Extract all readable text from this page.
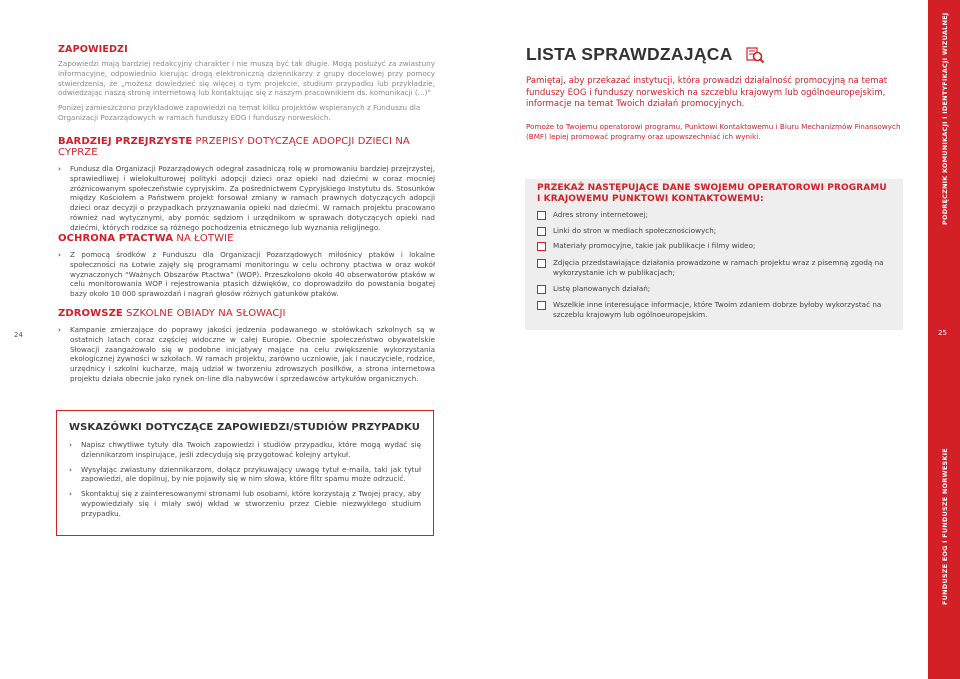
24
ZAPOWIEDZI
Zapowiedzi mają bardziej redakcyjny charakter i nie muszą być tak długie. Mogą posłużyć za zwiastuny informacyjne, odpowiednio kierując drogą elektroniczną dziennikarzy z grupy docelowej przy pomocy stwierdzenia, że „możesz dowiedzieć się więcej o tym projekcie, studium przypadku lub przykładzie, odwiedzając naszą stronę internetową lub kontaktując się z naszym pracownikiem ds. komunikacji (...)”
Poniżej zamieszczono przykładowe zapowiedzi na temat kilku projektów wspieranych z Funduszu dla Organizacji Pozarządowych w ramach funduszy EOG i funduszy norweskich.
BARDZIEJ PRZEJRZYSTE PRZEPISY DOTYCZĄCE ADOPCJI DZIECI NA CYPRZE
› Fundusz dla Organizacji Pozarządowych odegrał zasadniczą rolę w promowaniu bardziej przejrzystej, sprawiedliwej i wielokulturowej polityki adopcji dzieci oraz opieki nad dziećmi w coraz mocniej zróżnicowanym społeczeństwie cypryjskim. Za pośrednictwem Cypryjskiego Instytutu ds. Stosunków między Kościołem a Państwem projekt forsował zmiany w ramach prawnych dotyczących adopcji dzieci oraz decyzji o przypadkach przyznawania opieki nad dziećmi. W ramach projektu pracowano również nad wytycznymi, aby pomóc sędziom i urzędnikom w sprawach dotyczących opieki nad dziećmi, których rodzice są różnego pochodzenia etnicznego lub wyznania religijnego.
OCHRONA PTACTWA NA ŁOTWIE
› Z pomocą środków z Funduszu dla Organizacji Pozarządowych miłośnicy ptaków i lokalne społeczności na Łotwie zajęły się programami monitoringu w celu ochrony ptactwa w oraz wokół wyznaczonych “Ważnych Obszarów Ptactwa” (WOP). Przeszkolono około 40 obserwatorów ptaków w celu monitorowania WOP i rejestrowania ptasich dźwięków, co doprowadziło do powstania bogatej bazy około 10 000 sprawozdań i nagrań głosów różnych gatunków ptaków.
ZDROWSZE SZKOLNE OBIADY NA SŁOWACJI
› Kampanie zmierzające do poprawy jakości jedzenia podawanego w stołówkach szkolnych są w ostatnich latach coraz częściej widoczne w całej Europie. Obecnie społeczeństwo obywatelskie Słowacji zaangażowało się w podobne inicjatywy mające na celu zwiększenie wykorzystania ekologicznej żywności w szkołach. W ramach projektu, zarówno uczniowie, jak i nauczyciele, rodzice, urzędnicy i szkolni kucharze, mają udział w tworzeniu zdrowszych posiłków, a strona internetowa projektu działa obecnie jako rynek on-line dla nabywców i sprzedawców artykułów organicznych.
WSKAZÓWKI DOTYCZĄCE ZAPOWIEDZI/STUDIÓW PRZYPADKU
› Napisz chwytliwe tytuły dla Twoich zapowiedzi i studiów przypadku, które mogą wydać się dziennikarzom inspirujące, jeśli zdecydują się przygotować kolejny artykuł.
› Wysyłając zwiastuny dziennikarzom, dołącz przykuwający uwagę tytuł e-maila, taki jak tytuł zapowiedzi, ale dopilnuj, by nie pojawiły się w nim słowa, które filtr spamu może odrzucić.
› Skontaktuj się z zainteresowanymi stronami lub osobami, które korzystają z Twojej pracy, aby wypowiedziały się i miały swój wkład w stworzeniu przez Ciebie niezwykłego studium przypadku.
LISTA SPRAWDZAJĄCA
Pamiętaj, aby przekazać instytucji, która prowadzi działalność promocyjną na temat funduszy EOG i funduszy norweskich na szczeblu krajowym lub ogólnoeuropejskim, informacje na temat Twoich działań promocyjnych.
Pomoże to Twojemu operatorowi programu, Punktowi Kontaktowemu i Biuru Mechanizmów Finansowych (BMF) lepiej promować programy oraz upowszechniać ich wyniki.
PRZEKAŻ NASTĘPUJĄCE DANE SWOJEMU OPERATOROWI PROGRAMU I KRAJOWEMU PUNKTOWI KONTAKTOWEMU:
Adres strony internetowej;
Linki do stron w mediach społecznościowych;
Materiały promocyjne, takie jak publikacje i filmy wideo;
Zdjęcia przedstawiające działania prowadzone w ramach projektu wraz z pisemną zgodą na wykorzystanie ich w publikacjach;
Listę planowanych działań;
Wszelkie inne interesujące informacje, które Twoim zdaniem dobrze byłoby wykorzystać na szczeblu krajowym lub ogólnoeuropejskim.
25
PODRĘCZNIK KOMUNIKACJI I IDENTYFIKACJI WIZUALNEJ
FUNDUSZE EOG I FUNDUSZE NORWESKIE
